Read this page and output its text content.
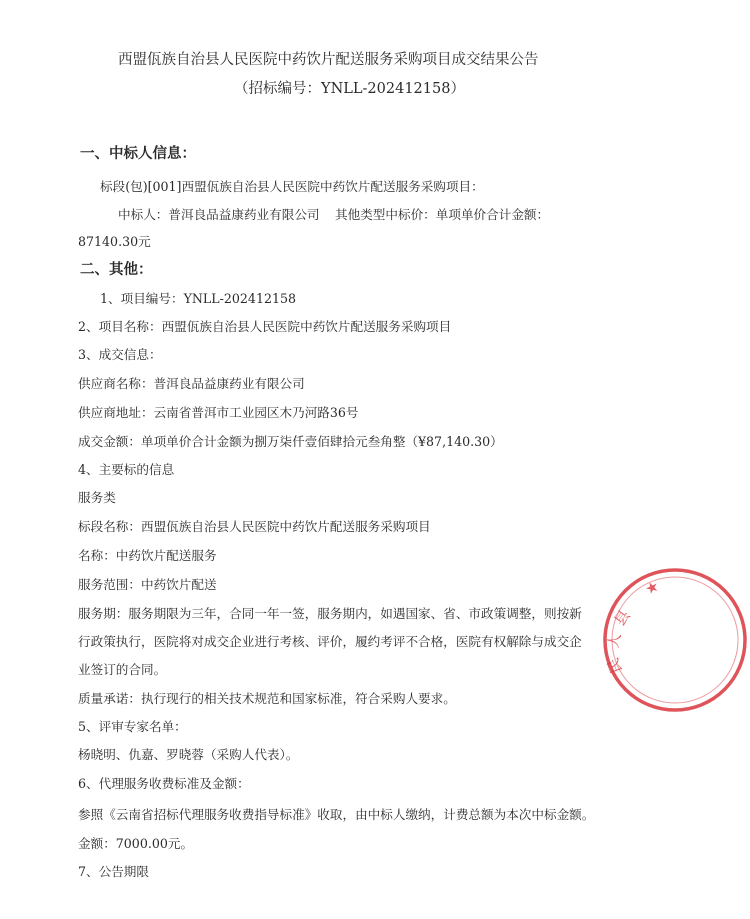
西盟佤族自治县人民医院中药饮片配送服务采购项目成交结果公告
（招标编号：YNLL-202412158）
一、中标人信息：
标段(包)[001]西盟佤族自治县人民医院中药饮片配送服务采购项目：
中标人：普洱良品益康药业有限公司 其他类型中标价：单项单价合计金额：
87140.30元
二、其他：
1、项目编号：YNLL-202412158
2、项目名称：西盟佤族自治县人民医院中药饮片配送服务采购项目
3、成交信息：
供应商名称：普洱良品益康药业有限公司
供应商地址：云南省普洱市工业园区木乃河路36号
成交金额：单项单价合计金额为捌万柒仟壹佰肆拾元叁角整（¥87,140.30）
4、主要标的信息
服务类
标段名称：西盟佤族自治县人民医院中药饮片配送服务采购项目
名称：中药饮片配送服务
服务范围：中药饮片配送
服务期：服务期限为三年，合同一年一签，服务期内，如遇国家、省、市政策调整，则按新
行政策执行，医院将对成交企业进行考核、评价，履约考评不合格，医院有权解除与成交企
业签订的合同。
质量承诺：执行现行的相关技术规范和国家标准，符合采购人要求。
5、评审专家名单：
杨晓明、仇嘉、罗晓蓉（采购人代表）。
6、代理服务收费标准及金额：
参照《云南省招标代理服务收费指导标准》收取，由中标人缴纳，计费总额为本次中标金额。
金额：7000.00元。
7、公告期限
县
人
民
★
